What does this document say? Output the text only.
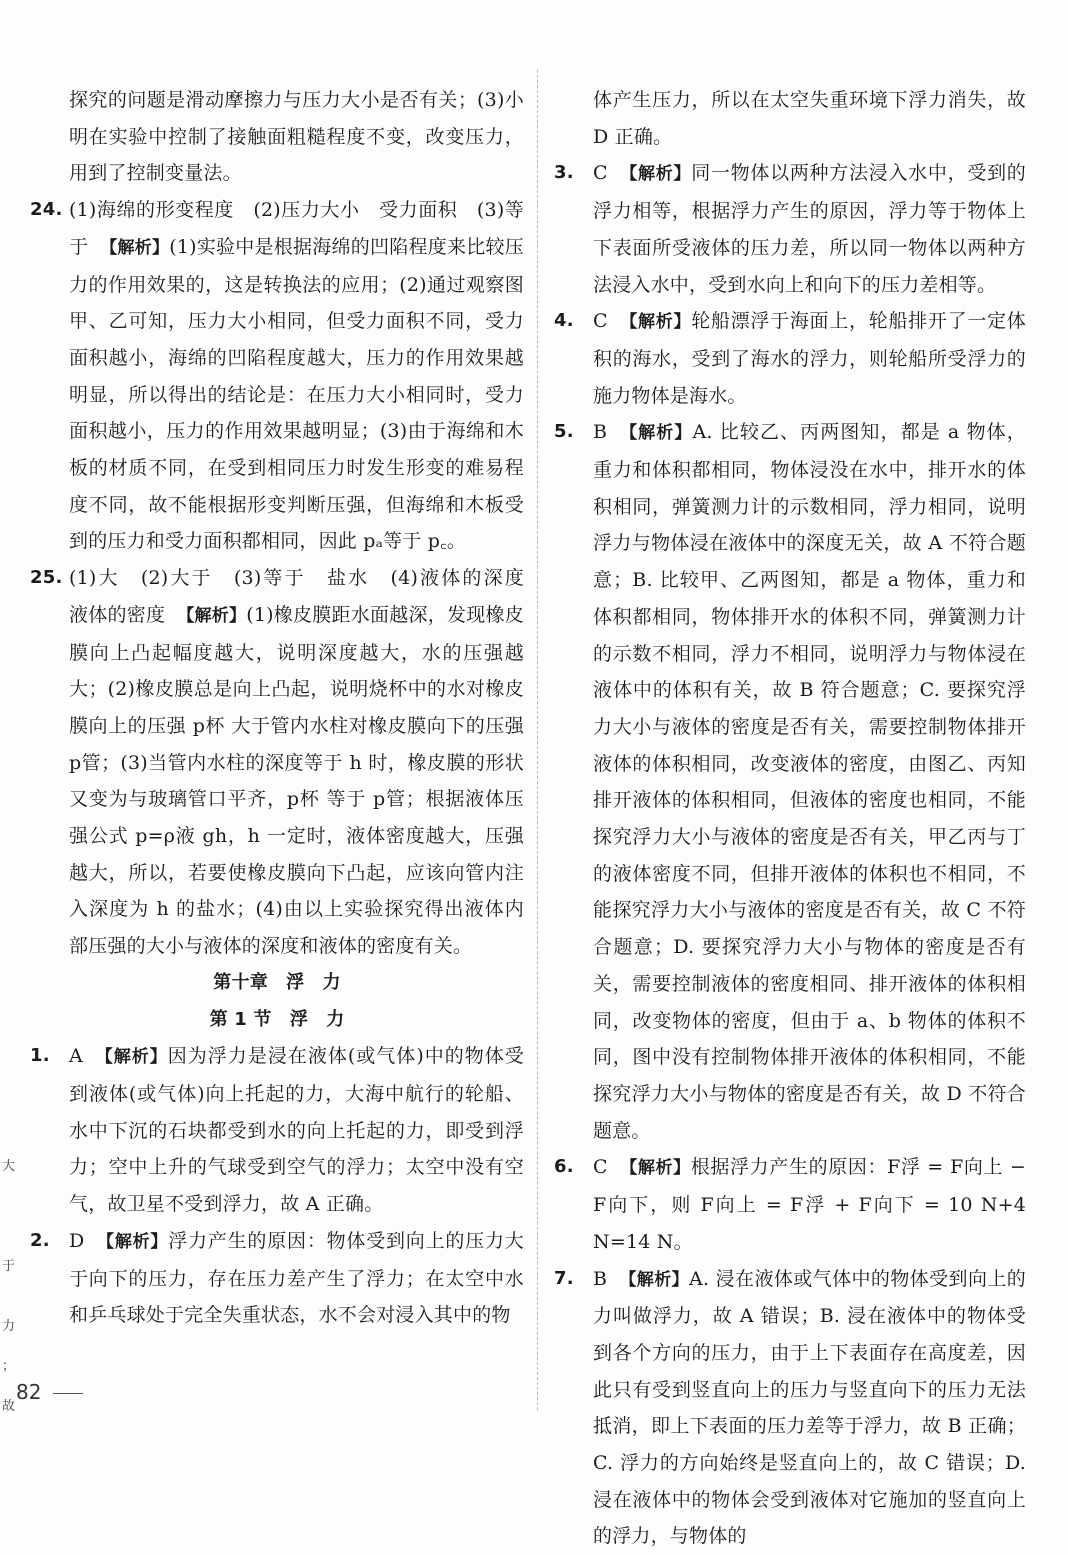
大
于
力
；
故

探究的问题是滑动摩擦力与压力大小是否有关；(3)小明在实验中控制了接触面粗糙程度不变，改变压力，用到了控制变量法。

24. (1)海绵的形变程度　(2)压力大小　受力面积　(3)等于 【解析】(1)实验中是根据海绵的凹陷程度来比较压力的作用效果的，这是转换法的应用；(2)通过观察图甲、乙可知，压力大小相同，但受力面积不同，受力面积越小，海绵的凹陷程度越大，压力的作用效果越明显，所以得出的结论是：在压力大小相同时，受力面积越小，压力的作用效果越明显；(3)由于海绵和木板的材质不同，在受到相同压力时发生形变的难易程度不同，故不能根据形变判断压强，但海绵和木板受到的压力和受力面积都相同，因此 pₐ等于 p꜀。

25. (1)大　(2)大于　(3)等于　盐水　(4)液体的深度　液体的密度 【解析】(1)橡皮膜距水面越深，发现橡皮膜向上凸起幅度越大，说明深度越大，水的压强越大；(2)橡皮膜总是向上凸起，说明烧杯中的水对橡皮膜向上的压强 p杯 大于管内水柱对橡皮膜向下的压强 p管；(3)当管内水柱的深度等于 h 时，橡皮膜的形状又变为与玻璃管口平齐，p杯 等于 p管；根据液体压强公式 p=ρ液 gh，h 一定时，液体密度越大，压强越大，所以，若要使橡皮膜向下凸起，应该向管内注入深度为 h 的盐水；(4)由以上实验探究得出液体内部压强的大小与液体的深度和液体的密度有关。

第十章　浮　力

第 1 节　浮　力

1.	A 【解析】因为浮力是浸在液体(或气体)中的物体受到液体(或气体)向上托起的力，大海中航行的轮船、水中下沉的石块都受到水的向上托起的力，即受到浮力；空中上升的气球受到空气的浮力；太空中没有空气，故卫星不受到浮力，故 A 正确。

2.	D 【解析】浮力产生的原因：物体受到向上的压力大于向下的压力，存在压力差产生了浮力；在太空中水和乒乓球处于完全失重状态，水不会对浸入其中的物

体产生压力，所以在太空失重环境下浮力消失，故 D 正确。

3.	C 【解析】同一物体以两种方法浸入水中，受到的浮力相等，根据浮力产生的原因，浮力等于物体上下表面所受液体的压力差，所以同一物体以两种方法浸入水中，受到水向上和向下的压力差相等。

4.	C 【解析】轮船漂浮于海面上，轮船排开了一定体积的海水，受到了海水的浮力，则轮船所受浮力的施力物体是海水。

5.	B 【解析】A. 比较乙、丙两图知，都是 a 物体，重力和体积都相同，物体浸没在水中，排开水的体积相同，弹簧测力计的示数相同，浮力相同，说明浮力与物体浸在液体中的深度无关，故 A 不符合题意；B. 比较甲、乙两图知，都是 a 物体，重力和体积都相同，物体排开水的体积不同，弹簧测力计的示数不相同，浮力不相同，说明浮力与物体浸在液体中的体积有关，故 B 符合题意；C. 要探究浮力大小与液体的密度是否有关，需要控制物体排开液体的体积相同，改变液体的密度，由图乙、丙知排开液体的体积相同，但液体的密度也相同，不能探究浮力大小与液体的密度是否有关，甲乙丙与丁的液体密度不同，但排开液体的体积也不相同，不能探究浮力大小与液体的密度是否有关，故 C 不符合题意；D. 要探究浮力大小与物体的密度是否有关，需要控制液体的密度相同、排开液体的体积相同，改变物体的密度，但由于 a、b 物体的体积不同，图中没有控制物体排开液体的体积相同，不能探究浮力大小与物体的密度是否有关，故 D 不符合题意。

6.	C 【解析】根据浮力产生的原因：F浮 = F向上 − F向下，则 F向上 = F浮 + F向下 = 10 N+4 N=14 N。

7.	B 【解析】A. 浸在液体或气体中的物体受到向上的力叫做浮力，故 A 错误；B. 浸在液体中的物体受到各个方向的压力，由于上下表面存在高度差，因此只有受到竖直向上的压力与竖直向下的压力无法抵消，即上下表面的压力差等于浮力，故 B 正确；C. 浮力的方向始终是竖直向上的，故 C 错误；D. 浸在液体中的物体会受到液体对它施加的竖直向上的浮力，与物体的

82
